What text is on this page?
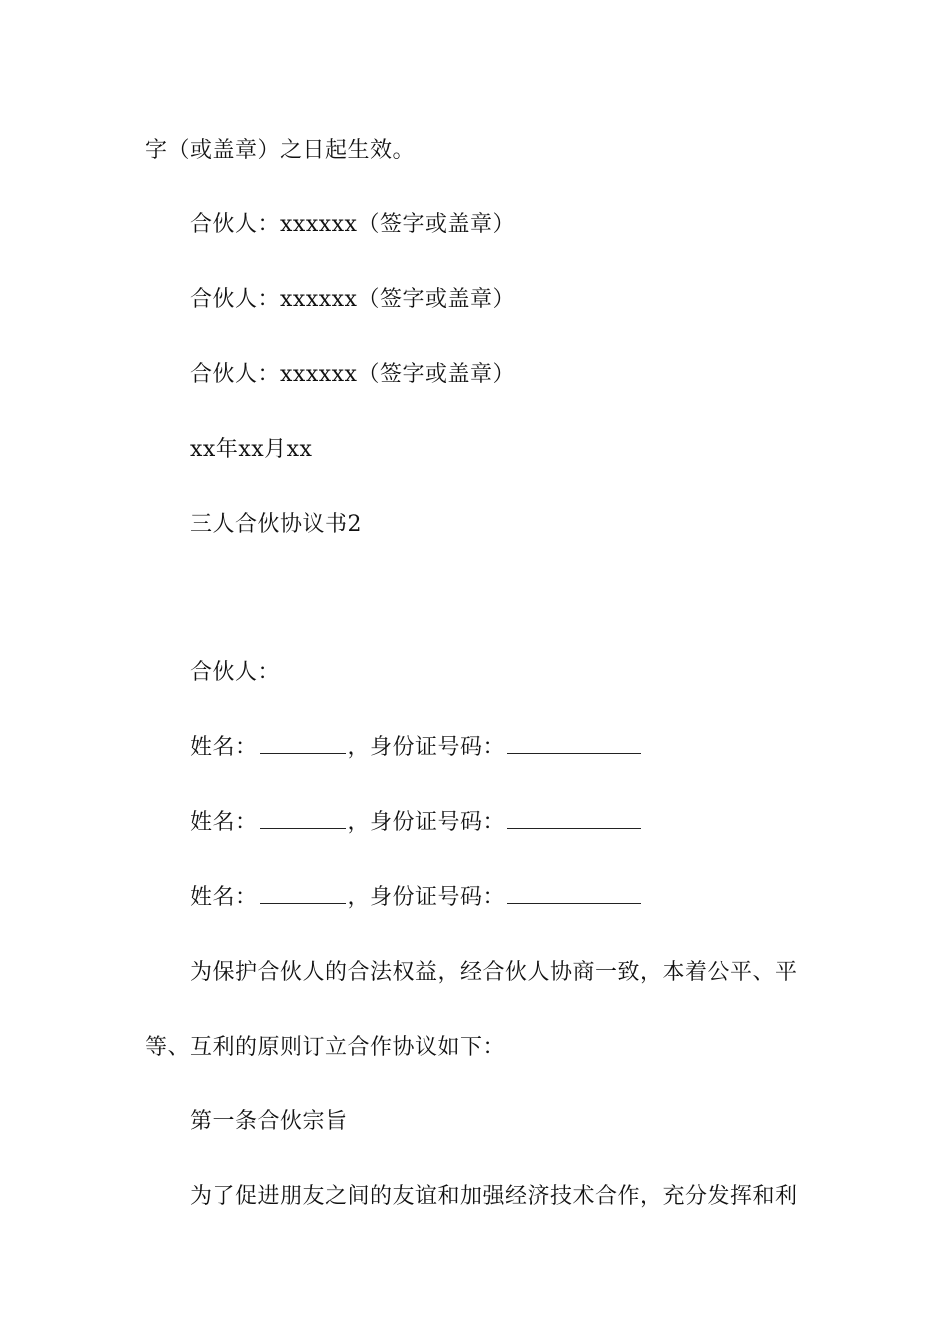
字（或盖章）之日起生效。
合伙人：xxxxxx（签字或盖章）
合伙人：xxxxxx（签字或盖章）
合伙人：xxxxxx（签字或盖章）
xx年xx月xx
三人合伙协议书2
合伙人：
姓名：	，身份证号码：
姓名：	，身份证号码：
姓名：	，身份证号码：
为保护合伙人的合法权益，经合伙人协商一致，本着公平、平
等、互利的原则订立合作协议如下：
第一条合伙宗旨
为了促进朋友之间的友谊和加强经济技术合作，充分发挥和利
